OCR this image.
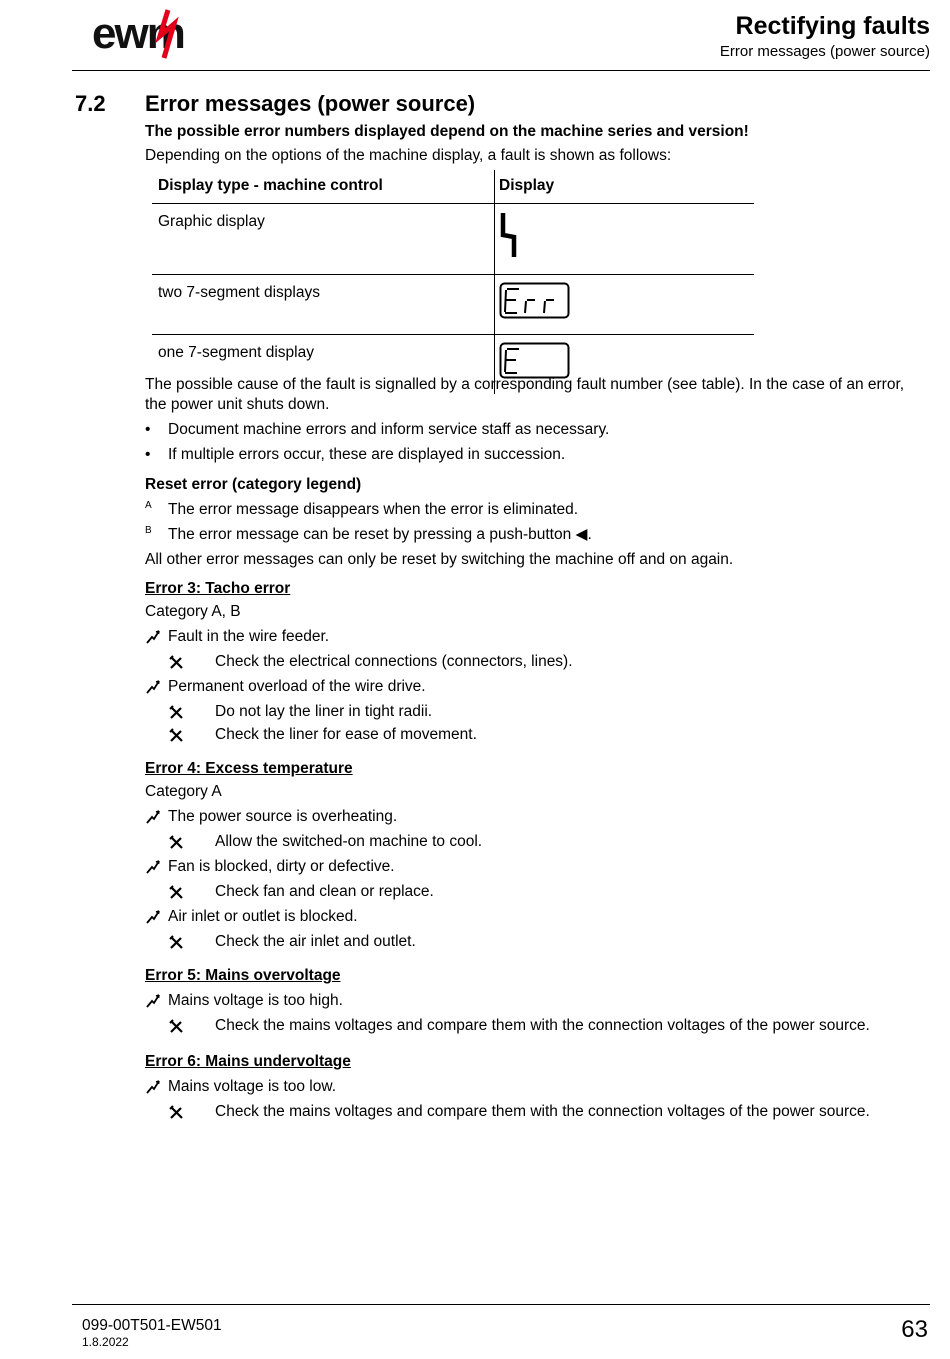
ewm	Rectifying faults
Error messages (power source)
7.2 Error messages (power source)
The possible error numbers displayed depend on the machine series and version!
Depending on the options of the machine display, a fault is shown as follows:
Display type - machine control	Display
Graphic display	

two 7-segment displays	Err

one 7-segment display	E
The possible cause of the fault is signalled by a corresponding fault number (see table). In the case of an error, the power unit shuts down.
• Document machine errors and inform service staff as necessary.
• If multiple errors occur, these are displayed in succession.
Reset error (category legend)
A The error message disappears when the error is eliminated.
B The error message can be reset by pressing a push-button ◀.
All other error messages can only be reset by switching the machine off and on again.
Error 3: Tacho error
Category A, B
Fault in the wire feeder.
Check the electrical connections (connectors, lines).
Permanent overload of the wire drive.
Do not lay the liner in tight radii.
Check the liner for ease of movement.
Error 4: Excess temperature
Category A
The power source is overheating.
Allow the switched-on machine to cool.
Fan is blocked, dirty or defective.
Check fan and clean or replace.
Air inlet or outlet is blocked.
Check the air inlet and outlet.
Error 5: Mains overvoltage
Mains voltage is too high.
Check the mains voltages and compare them with the connection voltages of the power source.
Error 6: Mains undervoltage
Mains voltage is too low.
Check the mains voltages and compare them with the connection voltages of the power source.
099-00T501-EW501
1.8.2022	63
